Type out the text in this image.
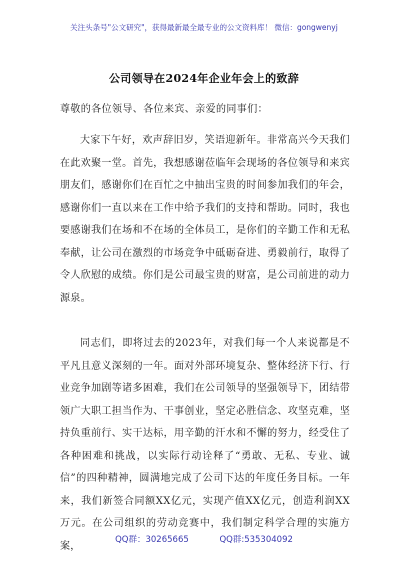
关注头条号"公文研究"，获得最新最全最专业的公文资料库！ 微信：gongwenyj
公司领导在2024年企业年会上的致辞
尊敬的各位领导、各位来宾、亲爱的同事们：

大家下午好，欢声辞旧岁，笑语迎新年。非常高兴今天我们在此欢聚一堂。首先，我想感谢莅临年会现场的各位领导和来宾朋友们，感谢你们在百忙之中抽出宝贵的时间参加我们的年会，感谢你们一直以来在工作中给予我们的支持和帮助。同时，我也要感谢我们在场和不在场的全体员工，是你们的辛勤工作和无私奉献，让公司在激烈的市场竞争中砥砺奋进、勇毅前行，取得了令人欣慰的成绩。你们是公司最宝贵的财富，是公司前进的动力源泉。

同志们，即将过去的2023年，对我们每一个人来说都是不平凡且意义深刻的一年。面对外部环境复杂、整体经济下行、行业竞争加剧等诸多困难，我们在公司领导的坚强领导下，团结带领广大职工担当作为、干事创业，坚定必胜信念、攻坚克难，坚持负重前行、实干达标，用辛勤的汗水和不懈的努力，经受住了各种困难和挑战，以实际行动诠释了“勇敢、无私、专业、诚信”的四种精神，圆满地完成了公司下达的年度任务目标。一年来，我们新签合同额XX亿元，实现产值XX亿元，创造利润XX万元。在公司组织的劳动竞赛中，我们制定科学合理的实施方案，

QQ群：30265665	QQ群:535304092
